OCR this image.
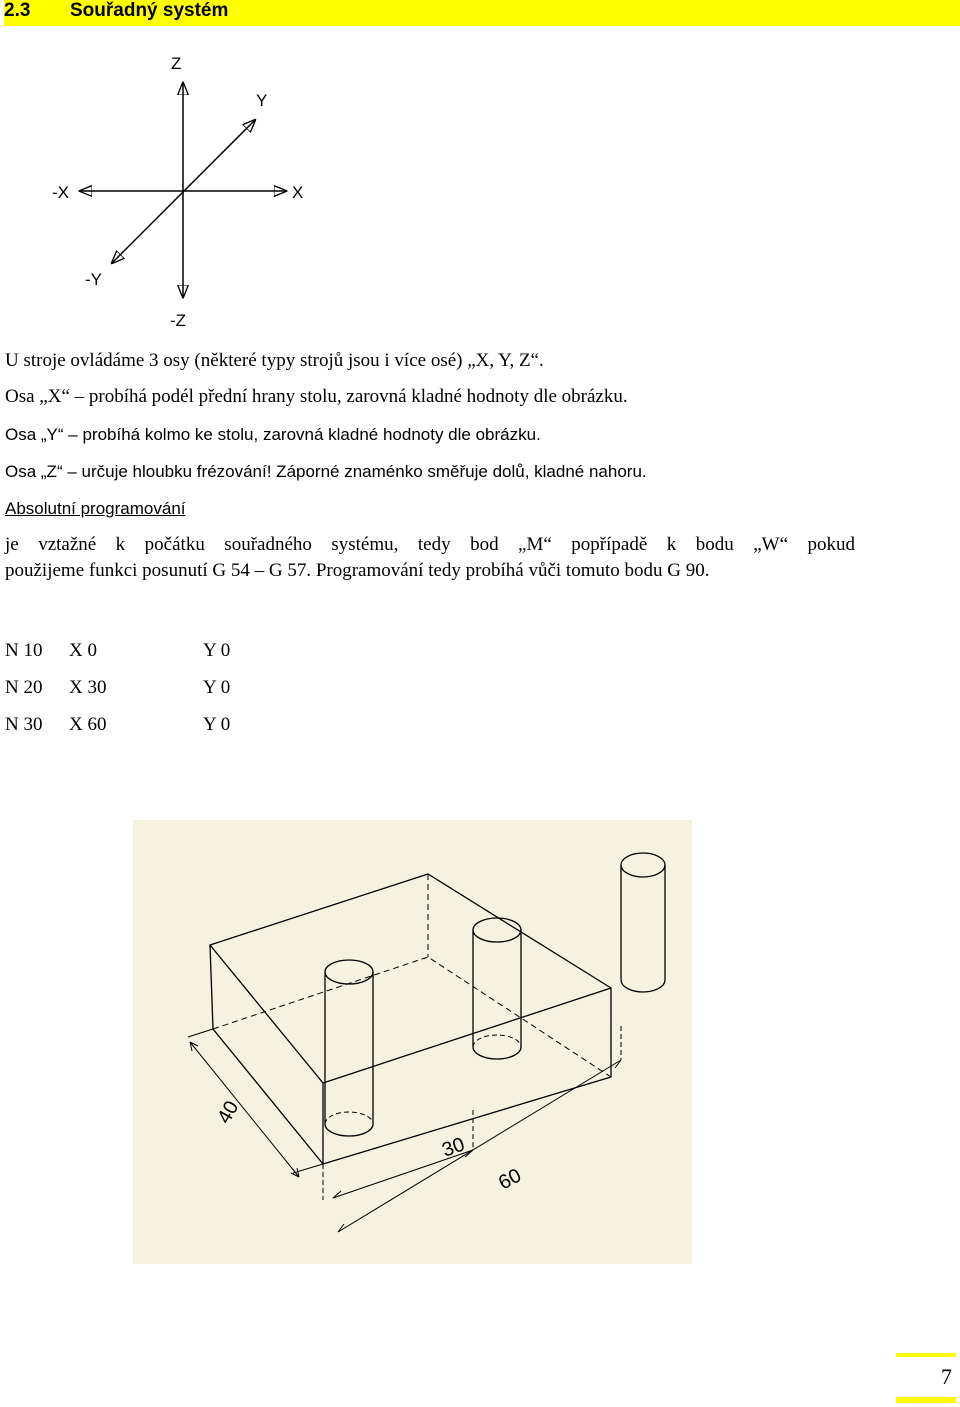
2.3 Souřadný systém
Z
Y
-X	X
-Y
-Z
U stroje ovládáme 3 osy (některé typy strojů jsou i více osé) „X, Y, Z“.
Osa „X“ – probíhá podél přední hrany stolu, zarovná kladné hodnoty dle obrázku.
Osa „Y“ – probíhá kolmo ke stolu, zarovná kladné hodnoty dle obrázku.
Osa „Z“ – určuje hloubku frézování! Záporné znaménko směřuje dolů, kladné nahoru.
Absolutní programování
je vztažné k počátku souřadného systému, tedy bod „M“ popřípadě k bodu „W“ pokud
použijeme funkci posunutí G 54 – G 57. Programování tedy probíhá vůči tomuto bodu G 90.
N 10	X 0	Y 0
N 20	X 30	Y 0
N 30	X 60	Y 0
40
30
60
7
